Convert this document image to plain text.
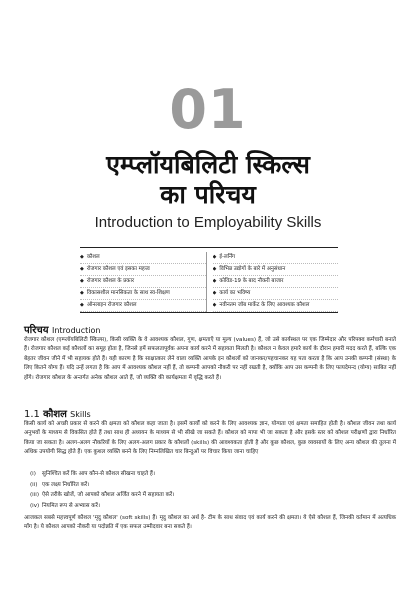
01
एम्प्लॉयबिलिटी स्किल्स
का परिचय
Introduction to Employability Skills
◆ कौशल
◆ रोजगार कौशल एवं इसका महत्त्व
◆ रोजगार कौशल के प्रकार
◆ विकासशील मानसिकता के साथ स्व-शिक्षण
◆ ऑनलाइन रोजगार कौशल
◆ ई-लर्निंग
◆ विभिन्न उद्योगों के बारे में अनुसंधान
◆ कोविड-19 के बाद नौकरी बाजार
◆ कार्य का भविष्य
◆ नवीनतम जॉब मार्केट के लिए आवश्यक कौशल
परिचय Introduction
रोजगार कौशल (एम्प्लॉयबिलिटी स्किल्स), किसी व्यक्ति के वे आवश्यक कौशल, गुण, क्षमताएँ या मूल्य (values) हैं, जो उसे कार्यस्थल पर एक जिम्मेदार और परिपक्व कर्मचारी बनाते हैं। रोजगार कौशल कई कौशलों का समूह होता है, जिनसे हमें सफलतापूर्वक अपना कार्य करने में सहायता मिलती है। कौशल न केवल हमारे कार्य के दौरान हमारी मदद करते हैं, बल्कि एक बेहतर जीवन जीने में भी सहायक होते हैं। यही कारण है कि साक्षात्कार लेने वाला व्यक्ति आपके इन कौशलों को जानकर/पहचानकर यह पता करता है कि आप उनकी कम्पनी (संस्था) के लिए कितने योग्य हैं। यदि उन्हें लगता है कि आप में आवश्यक कौशल नहीं हैं, तो कम्पनी आपको नौकरी पर नहीं रखती है, क्योंकि आप उस कम्पनी के लिए फायदेमन्द (योग्य) साबित नहीं होंगे। रोजगार कौशल के अन्तर्गत अनेक कौशल आते हैं, जो व्यक्ति की कार्यक्षमता में वृद्धि करते हैं।
1.1 कौशल Skills
किसी कार्य को अच्छी प्रकार से करने की क्षमता को कौशल कहा जाता है। इसमें कार्यों को करने के लिए आवश्यक ज्ञान, योग्यता एवं क्षमता समाहित होती है। कौशल जीवन तथा कार्य अनुभवों के माध्यम से विकसित होते हैं तथा साथ ही अध्ययन के माध्यम से भी सीखे जा सकते हैं। कौशल को मापा भी जा सकता है और इसके स्तर को कौशल परीक्षणों द्वारा निर्धारित किया जा सकता है। अलग-अलग नौकरियों के लिए अलग-अलग प्रकार के कौशलों (skills) की आवश्यकता होती है और कुछ कौशल, कुछ व्यवसायों के लिए अन्य कौशल की तुलना में अधिक उपयोगी सिद्ध होते हैं। एक कुशल व्यक्ति बनने के लिए निम्नलिखित चार बिन्दुओं पर विचार किया जाना चाहिए
(i) सुनिश्चित करें कि आप कौन-से कौशल सीखना चाहते हैं।
(ii) एक लक्ष्य निर्धारित करें।
(iii) ऐसे तरीके खोजें, जो आपको कौशल अर्जित करने में सहायता करें।
(iv) नियमित रूप से अभ्यास करें।
आजकल सबसे महत्त्वपूर्ण कौशल 'मृदु कौशल' (soft skills) हैं। मृदु कौशल का अर्थ है- टीम के साथ संवाद एवं कार्य करने की क्षमता। ये ऐसे कौशल हैं, जिनकी वर्तमान में अत्यधिक माँग है। ये कौशल आपको नौकरी या पदोन्नति में एक सफल उम्मीदवार बना सकते हैं।
